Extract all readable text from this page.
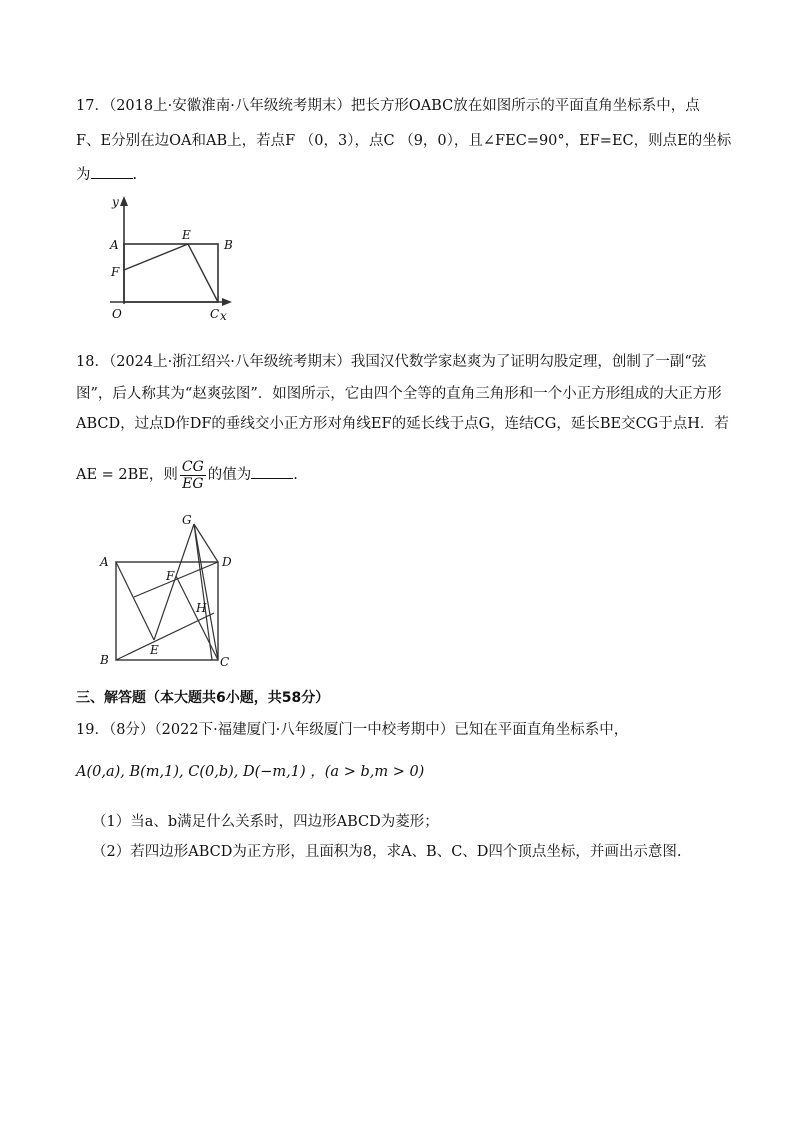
17．（2018上·安徽淮南·八年级统考期末）把长方形OABC放在如图所示的平面直角坐标系中，点
F、E分别在边OA和AB上，若点F （0，3），点C （9，0），且∠FEC=90°，EF=EC，则点E的坐标
为	.
y
A
E
B
F
O	C x
18．（2024上·浙江绍兴·八年级统考期末）我国汉代数学家赵爽为了证明勾股定理，创制了一副“弦
图”，后人称其为“赵爽弦图”．如图所示，它由四个全等的直角三角形和一个小正方形组成的大正方形
ABCD，过点D作DF的垂线交小正方形对角线EF的延长线于点G，连结CG，延长BE交CG于点H．若
AE = 2BE，则 $\frac{CG}{EG}$ 的值为	.
G
A	D
F
H
E
B	C
三、解答题（本大题共6小题，共58分）
19．（8分）（2022下·福建厦门·八年级厦门一中校考期中）已知在平面直角坐标系中，
A(0,a), B(m,1), C(0,b), D(−m,1) ，(a > b,m > 0)
（1）当a、b满足什么关系时，四边形ABCD为菱形；
（2）若四边形ABCD为正方形，且面积为8，求A、B、C、D四个顶点坐标，并画出示意图.
